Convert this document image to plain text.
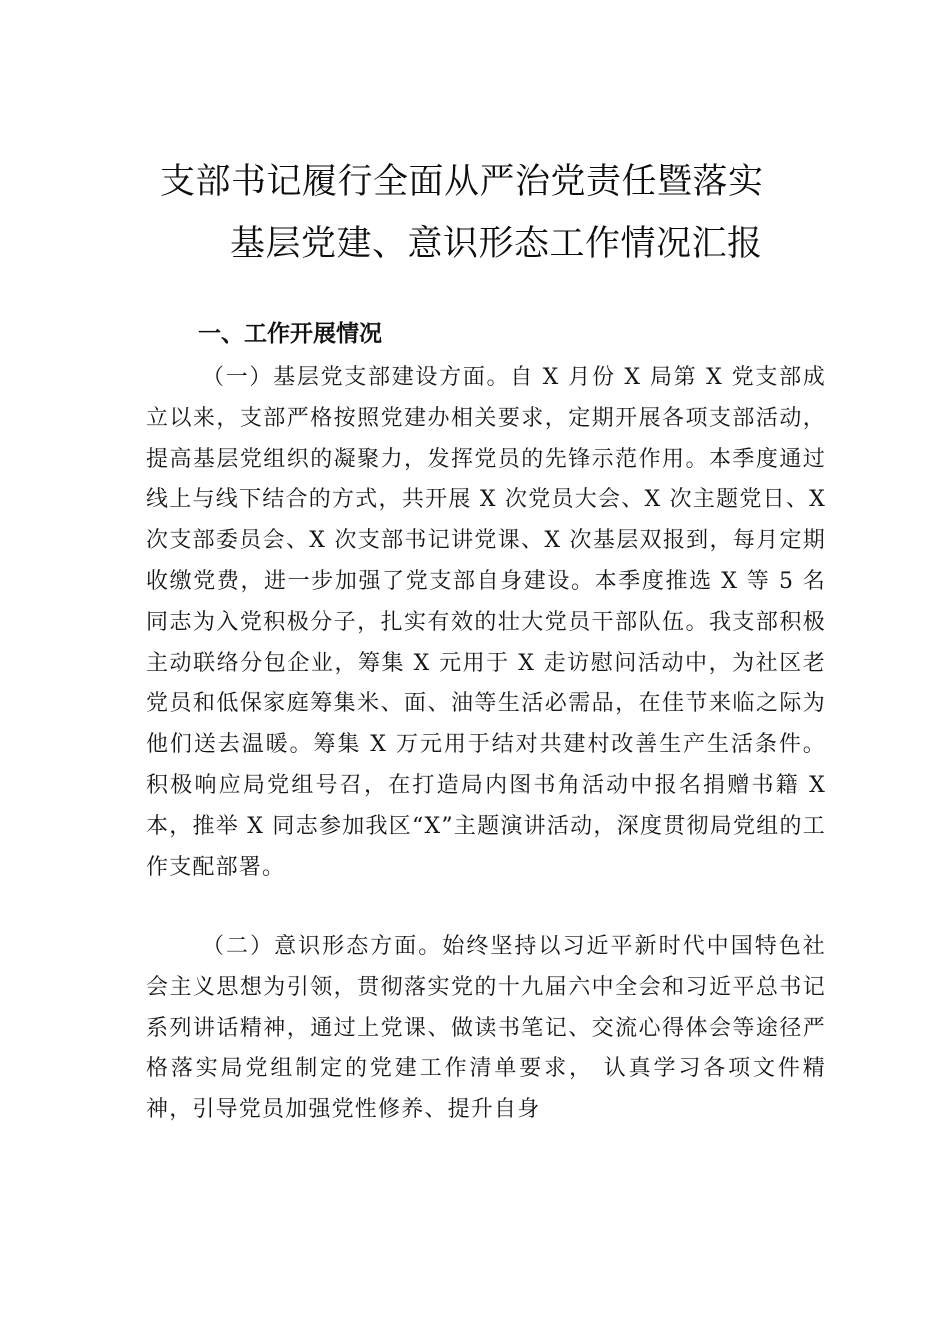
支部书记履行全面从严治党责任暨落实
基层党建、意识形态工作情况汇报
一、工作开展情况

（一）基层党支部建设方面。自 X 月份 X 局第 X 党支部成立以来，支部严格按照党建办相关要求，定期开展各项支部活动，提高基层党组织的凝聚力，发挥党员的先锋示范作用。本季度通过线上与线下结合的方式，共开展 X 次党员大会、X 次主题党日、X 次支部委员会、X 次支部书记讲党课、X 次基层双报到，每月定期收缴党费，进一步加强了党支部自身建设。本季度推选 X 等 5 名同志为入党积极分子，扎实有效的壮大党员干部队伍。我支部积极主动联络分包企业，筹集 X 元用于 X 走访慰问活动中，为社区老党员和低保家庭筹集米、面、油等生活必需品，在佳节来临之际为他们送去温暖。筹集 X 万元用于结对共建村改善生产生活条件。积极响应局党组号召，在打造局内图书角活动中报名捐赠书籍 X 本，推举 X 同志参加我区“X”主题演讲活动，深度贯彻局党组的工作支配部署。

（二）意识形态方面。始终坚持以习近平新时代中国特色社会主义思想为引领，贯彻落实党的十九届六中全会和习近平总书记系列讲话精神，通过上党课、做读书笔记、交流心得体会等途径严格落实局党组制定的党建工作清单要求， 认真学习各项文件精神，引导党员加强党性修养、提升自身
